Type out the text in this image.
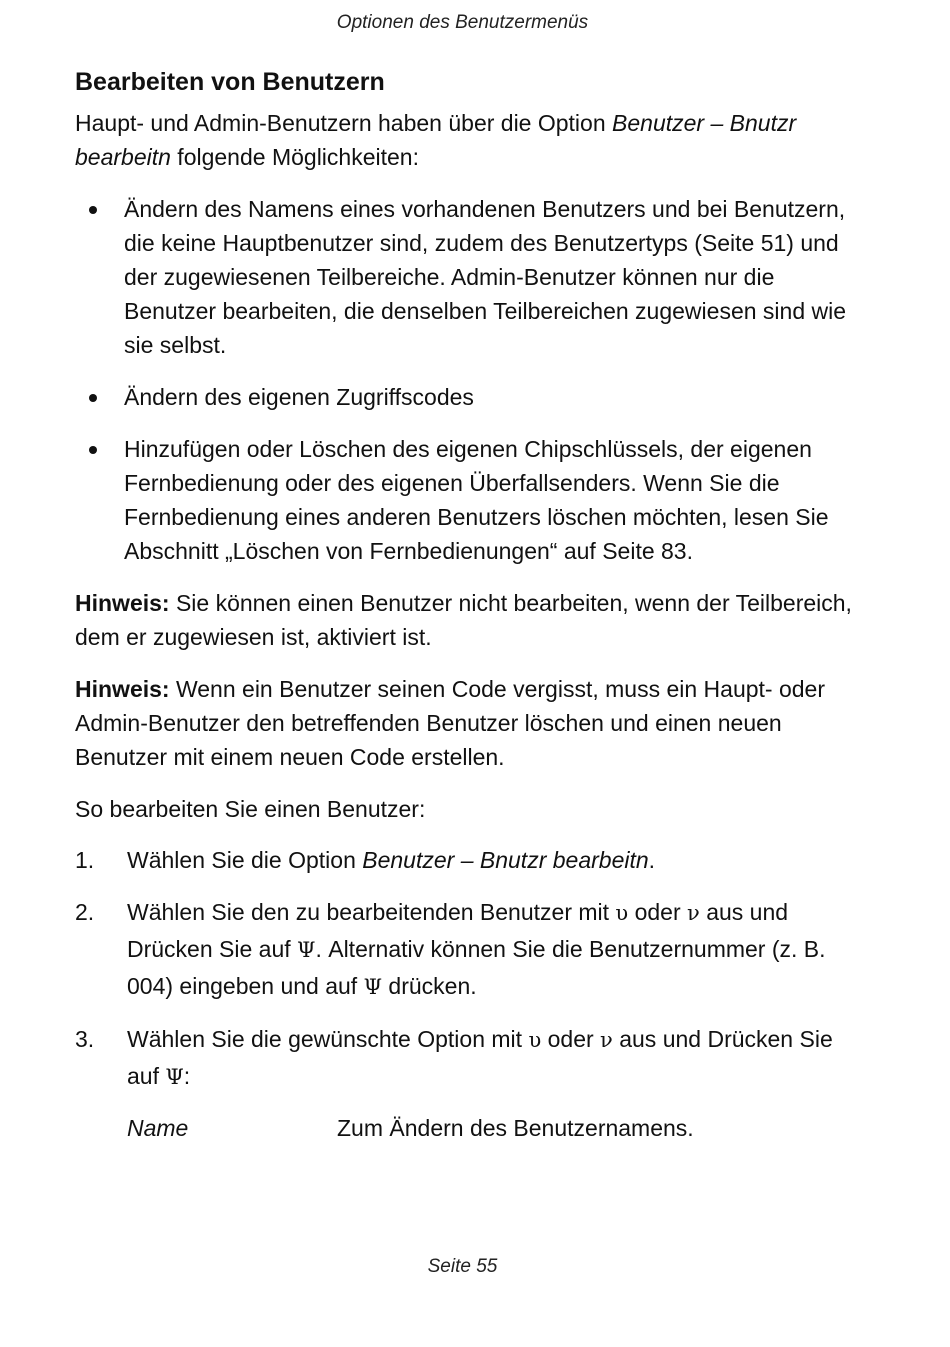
Optionen des Benutzermenüs
Bearbeiten von Benutzern

Haupt- und Admin-Benutzern haben über die Option Benutzer – Bnutzr bearbeitn folgende Möglichkeiten:

Ändern des Namens eines vorhandenen Benutzers und bei Benutzern, die keine Hauptbenutzer sind, zudem des Benutzertyps (Seite 51) und der zugewiesenen Teilbereiche. Admin-Benutzer können nur die Benutzer bearbeiten, die denselben Teilbereichen zugewiesen sind wie sie selbst.
Ändern des eigenen Zugriffscodes
Hinzufügen oder Löschen des eigenen Chipschlüssels, der eigenen Fernbedienung oder des eigenen Überfallsenders. Wenn Sie die Fernbedienung eines anderen Benutzers löschen möchten, lesen Sie Abschnitt „Löschen von Fernbedienungen“ auf Seite 83.

Hinweis: Sie können einen Benutzer nicht bearbeiten, wenn der Teilbereich, dem er zugewiesen ist, aktiviert ist.

Hinweis: Wenn ein Benutzer seinen Code vergisst, muss ein Haupt- oder Admin-Benutzer den betreffenden Benutzer löschen und einen neuen Benutzer mit einem neuen Code erstellen.

So bearbeiten Sie einen Benutzer:

1. Wählen Sie die Option Benutzer – Bnutzr bearbeitn.
2. Wählen Sie den zu bearbeitenden Benutzer mit υ oder ν aus und Drücken Sie auf Ψ. Alternativ können Sie die Benutzernummer (z. B. 004) eingeben und auf Ψ drücken.
3. Wählen Sie die gewünschte Option mit υ oder ν aus und Drücken Sie auf Ψ:
Name	Zum Ändern des Benutzernamens.
Seite 55
